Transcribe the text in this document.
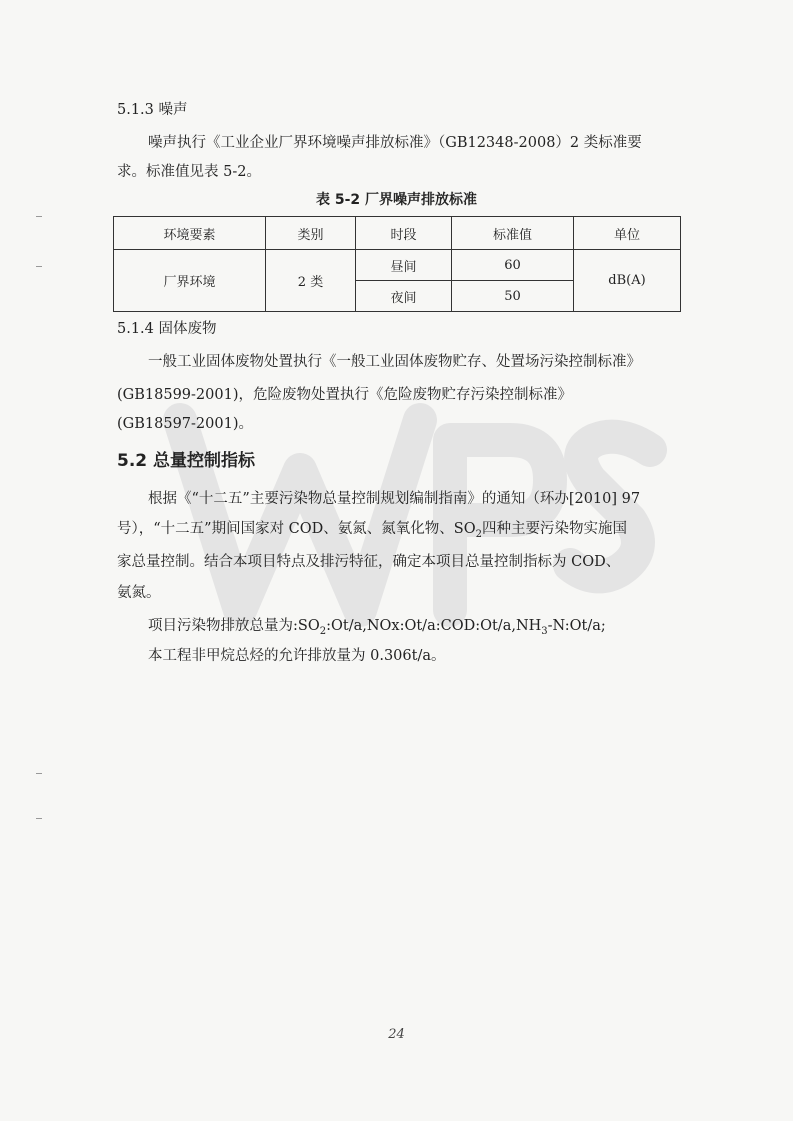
5.1.3 噪声
噪声执行《工业企业厂界环境噪声排放标准》（GB12348-2008）2 类标准要
求。标准值见表 5-2。
表 5-2 厂界噪声排放标准
环境要素	类别	时段	标准值	单位
厂界环境	2 类	昼间	60	dB(A)
		夜间	50	
5.1.4 固体废物
一般工业固体废物处置执行《一般工业固体废物贮存、处置场污染控制标准》
(GB18599-2001)，危险废物处置执行《危险废物贮存污染控制标准》
(GB18597-2001)。
5.2 总量控制指标
根据《“十二五”主要污染物总量控制规划编制指南》的通知（环办[2010] 97
号），“十二五”期间国家对 COD、氨氮、氮氧化物、$SO_2$四种主要污染物实施国
家总量控制。结合本项目特点及排污特征，确定本项目总量控制指标为 COD、
氨氮。
项目污染物排放总量为$:SO_2:Ot/a,NOx:Ot/a:COD:Ot/a,NH_3-N:Ot/a$;
本工程非甲烷总烃的允许排放量为 0.306t/a。
24
WPS
